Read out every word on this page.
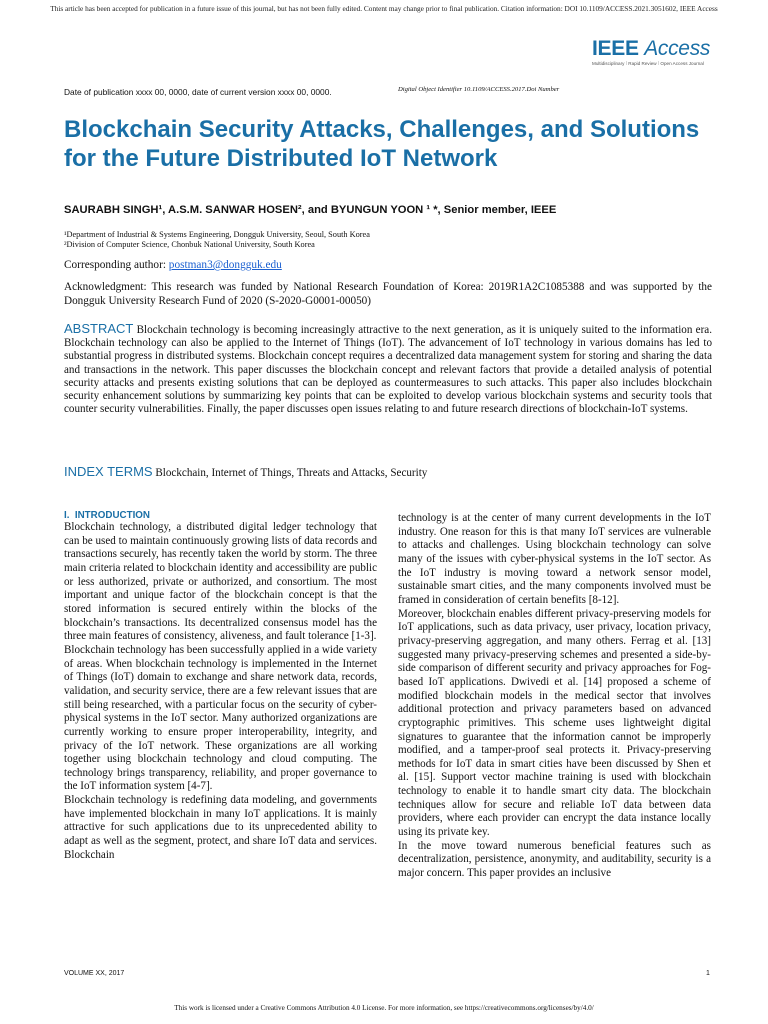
This article has been accepted for publication in a future issue of this journal, but has not been fully edited. Content may change prior to final publication. Citation information: DOI 10.1109/ACCESS.2021.3051602, IEEE Access
IEEE Access
Multidisciplinary ⁞ Rapid Review ⁞ Open Access Journal
Date of publication xxxx 00, 0000, date of current version xxxx 00, 0000.	Digital Object Identifier 10.1109/ACCESS.2017.Doi Number
Blockchain Security Attacks, Challenges, and Solutions for the Future Distributed IoT Network
SAURABH SINGH¹, A.S.M. SANWAR HOSEN², and BYUNGUN YOON ¹ *, Senior member, IEEE
¹Department of Industrial & Systems Engineering, Dongguk University, Seoul, South Korea
²Division of Computer Science, Chonbuk National University, South Korea
Corresponding author: postman3@dongguk.edu
Acknowledgment: This research was funded by National Research Foundation of Korea: 2019R1A2C1085388 and was supported by the Dongguk University Research Fund of 2020 (S-2020-G0001-00050)
ABSTRACT Blockchain technology is becoming increasingly attractive to the next generation, as it is uniquely suited to the information era. Blockchain technology can also be applied to the Internet of Things (IoT). The advancement of IoT technology in various domains has led to substantial progress in distributed systems. Blockchain concept requires a decentralized data management system for storing and sharing the data and transactions in the network. This paper discusses the blockchain concept and relevant factors that provide a detailed analysis of potential security attacks and presents existing solutions that can be deployed as countermeasures to such attacks. This paper also includes blockchain security enhancement solutions by summarizing key points that can be exploited to develop various blockchain systems and security tools that counter security vulnerabilities. Finally, the paper discusses open issues relating to and future research directions of blockchain-IoT systems.
INDEX TERMS Blockchain, Internet of Things, Threats and Attacks, Security
I.  INTRODUCTION

Blockchain technology, a distributed digital ledger technology that can be used to maintain continuously growing lists of data records and transactions securely, has recently taken the world by storm. The three main criteria related to blockchain identity and accessibility are public or less authorized, private or authorized, and consortium. The most important and unique factor of the blockchain concept is that the stored information is secured entirely within the blocks of the blockchain’s transactions. Its decentralized consensus model has the three main features of consistency, aliveness, and fault tolerance [1-3].

Blockchain technology has been successfully applied in a wide variety of areas. When blockchain technology is implemented in the Internet of Things (IoT) domain to exchange and share network data, records, validation, and security service, there are a few relevant issues that are still being researched, with a particular focus on the security of cyber-physical systems in the IoT sector. Many authorized organizations are currently working to ensure proper interoperability, integrity, and privacy of the IoT network. These organizations are all working together using blockchain technology and cloud computing. The technology brings transparency, reliability, and proper governance to the IoT information system [4-7].

Blockchain technology is redefining data modeling, and governments have implemented blockchain in many IoT applications. It is mainly attractive for such applications due to its unprecedented ability to adapt as well as the segment, protect, and share IoT data and services. Blockchain

technology is at the center of many current developments in the IoT industry. One reason for this is that many IoT services are vulnerable to attacks and challenges. Using blockchain technology can solve many of the issues with cyber-physical systems in the IoT sector. As the IoT industry is moving toward a network sensor model, sustainable smart cities, and the many components involved must be framed in consideration of certain benefits [8-12].

Moreover, blockchain enables different privacy-preserving models for IoT applications, such as data privacy, user privacy, location privacy, privacy-preserving aggregation, and many others. Ferrag et al. [13] suggested many privacy-preserving schemes and presented a side-by-side comparison of different security and privacy approaches for Fog-based IoT applications. Dwivedi et al. [14] proposed a scheme of modified blockchain models in the medical sector that involves additional protection and privacy parameters based on advanced cryptographic primitives. This scheme uses lightweight digital signatures to guarantee that the information cannot be improperly modified, and a tamper-proof seal protects it. Privacy-preserving methods for IoT data in smart cities have been discussed by Shen et al. [15]. Support vector machine training is used with blockchain technology to enable it to handle smart city data. The blockchain techniques allow for secure and reliable IoT data between data providers, where each provider can encrypt the data instance locally using its private key.

In the move toward numerous beneficial features such as decentralization, persistence, anonymity, and auditability, security is a major concern. This paper provides an inclusive

VOLUME XX, 2017	1
This work is licensed under a Creative Commons Attribution 4.0 License. For more information, see https://creativecommons.org/licenses/by/4.0/
